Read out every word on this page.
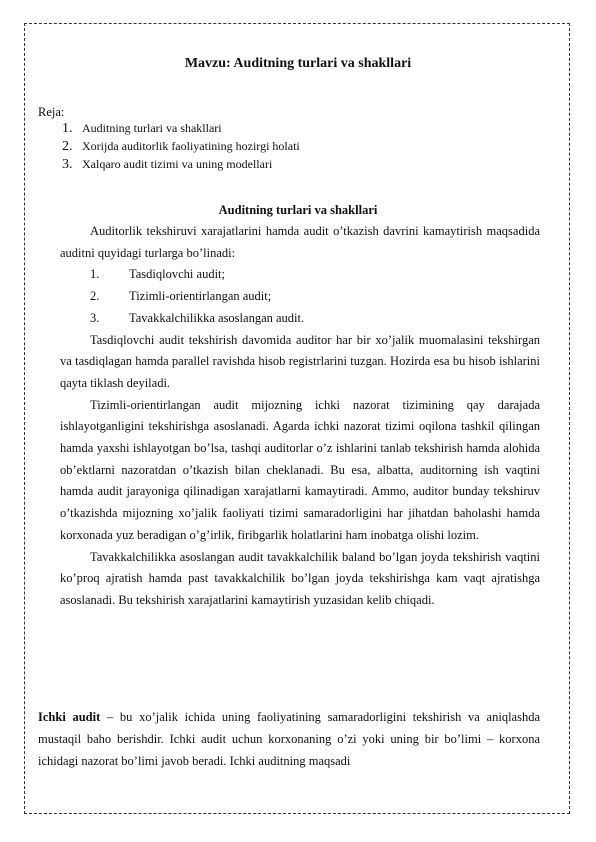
Mavzu: Auditning turlari va shakllari
Reja:
1. Auditning turlari va shakllari
2. Xorijda auditorlik faoliyatining hozirgi holati
3. Xalqaro audit tizimi va uning modellari
Auditning turlari va shakllari

Auditorlik tekshiruvi xarajatlarini hamda audit o’tkazish davrini kamaytirish maqsadida auditni quyidagi turlarga bo’linadi:

1. Tasdiqlovchi audit;
2. Tizimli-orientirlangan audit;
3. Tavakkalchilikka asoslangan audit.

Tasdiqlovchi audit tekshirish davomida auditor har bir xo’jalik muomalasini tekshirgan va tasdiqlagan hamda parallel ravishda hisob registrlarini tuzgan. Hozirda esa bu hisob ishlarini qayta tiklash deyiladi.

Tizimli-orientirlangan audit mijozning ichki nazorat tizimining qay darajada ishlayotganligini tekshirishga asoslanadi. Agarda ichki nazorat tizimi oqilona tashkil qilingan hamda yaxshi ishlayotgan bo’lsa, tashqi auditorlar o’z ishlarini tanlab tekshirish hamda alohida ob’ektlarni nazoratdan o’tkazish bilan cheklanadi. Bu esa, albatta, auditorning ish vaqtini hamda audit jarayoniga qilinadigan xarajatlarni kamaytiradi. Ammo, auditor bunday tekshiruv o’tkazishda mijozning xo’jalik faoliyati tizimi samaradorligini har jihatdan baholashi hamda korxonada yuz beradigan o’g’irlik, firibgarlik holatlarini ham inobatga olishi lozim.

Tavakkalchilikka asoslangan audit tavakkalchilik baland bo’lgan joyda tekshirish vaqtini ko’proq ajratish hamda past tavakkalchilik bo’lgan joyda tekshirishga kam vaqt ajratishga asoslanadi. Bu tekshirish xarajatlarini kamaytirish yuzasidan kelib chiqadi.

Ichki audit – bu xo’jalik ichida uning faoliyatining samaradorligini tekshirish va aniqlashda mustaqil baho berishdir. Ichki audit uchun korxonaning o’zi yoki uning bir bo’limi – korxona ichidagi nazorat bo’limi javob beradi. Ichki auditning maqsadi
